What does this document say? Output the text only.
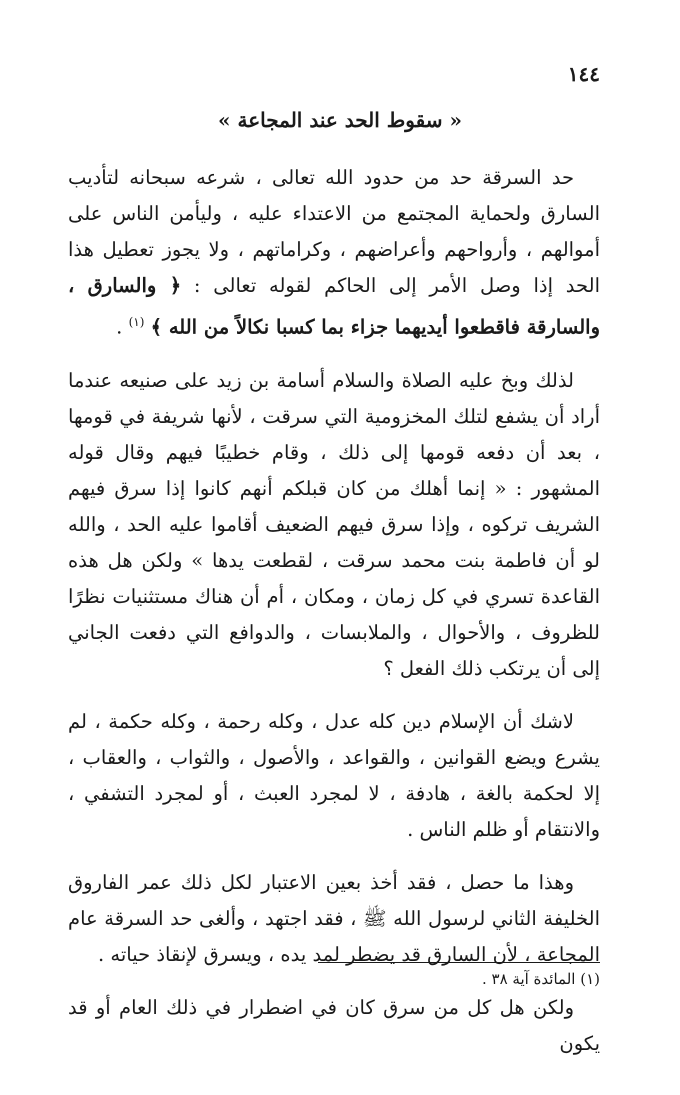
١٤٤
« سقوط الحد عند المجاعة »

حد السرقة حد من حدود الله تعالى ، شرعه سبحانه لتأديب السارق ولحماية المجتمع من الاعتداء عليه ، وليأمن الناس على أموالهم ، وأرواحهم وأعراضهم ، وكراماتهم ، ولا يجوز تعطيل هذا الحد إذا وصل الأمر إلى الحاكم لقوله تعالى : ﴿ والسارق ، والسارقة فاقطعوا أيديهما جزاء بما كسبا نكالاً من الله ﴾ $^{(١)}$ .

لذلك وبخ عليه الصلاة والسلام أسامة بن زيد على صنيعه عندما أراد أن يشفع لتلك المخزومية التي سرقت ، لأنها شريفة في قومها ، بعد أن دفعه قومها إلى ذلك ، وقام خطيبًا فيهم وقال قوله المشهور : « إنما أهلك من كان قبلكم أنهم كانوا إذا سرق فيهم الشريف تركوه ، وإذا سرق فيهم الضعيف أقاموا عليه الحد ، والله لو أن فاطمة بنت محمد سرقت ، لقطعت يدها » ولكن هل هذه القاعدة تسري في كل زمان ، ومكان ، أم أن هناك مستثنيات نظرًا للظروف ، والأحوال ، والملابسات ، والدوافع التي دفعت الجاني إلى أن يرتكب ذلك الفعل ؟

لاشك أن الإسلام دين كله عدل ، وكله رحمة ، وكله حكمة ، لم يشرع ويضع القوانين ، والقواعد ، والأصول ، والثواب ، والعقاب ، إلا لحكمة بالغة ، هادفة ، لا لمجرد العبث ، أو لمجرد التشفي ، والانتقام أو ظلم الناس .

وهذا ما حصل ، فقد أخذ بعين الاعتبار لكل ذلك عمر الفاروق الخليفة الثاني لرسول الله ﷺ ، فقد اجتهد ، وألغى حد السرقة عام المجاعة ، لأن السارق قد يضطر لمد يده ، ويسرق لإنقاذ حياته .

ولكن هل كل من سرق كان في اضطرار في ذلك العام أو قد يكون

(١) المائدة آية ٣٨ .
